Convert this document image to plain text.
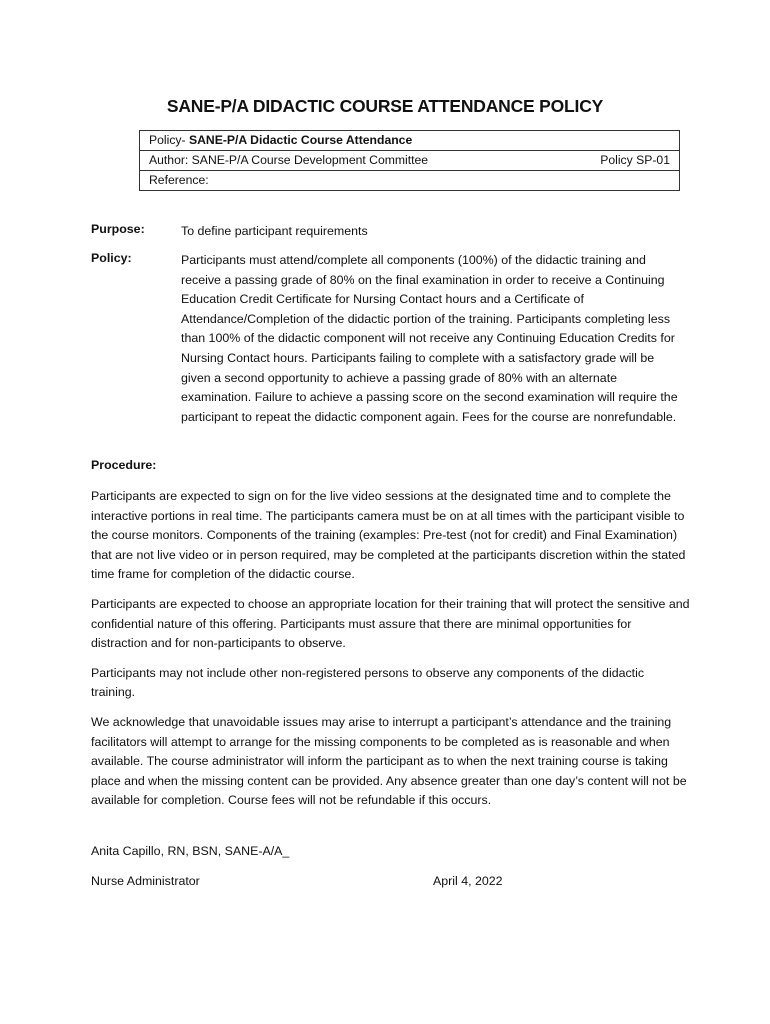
SANE-P/A DIDACTIC COURSE ATTENDANCE POLICY
Policy- SANE-P/A Didactic Course Attendance
Author: SANE-P/A Course Development Committee	Policy SP-01
Reference:
Purpose:	To define participant requirements
Policy:	Participants must attend/complete all components (100%) of the didactic training and receive a passing grade of 80% on the final examination in order to receive a Continuing Education Credit Certificate for Nursing Contact hours and a Certificate of Attendance/Completion of the didactic portion of the training. Participants completing less than 100% of the didactic component will not receive any Continuing Education Credits for Nursing Contact hours. Participants failing to complete with a satisfactory grade will be given a second opportunity to achieve a passing grade of 80% with an alternate examination. Failure to achieve a passing score on the second examination will require the participant to repeat the didactic component again. Fees for the course are nonrefundable.
Procedure:

Participants are expected to sign on for the live video sessions at the designated time and to complete the interactive portions in real time. The participants camera must be on at all times with the participant visible to the course monitors. Components of the training (examples: Pre-test (not for credit) and Final Examination) that are not live video or in person required, may be completed at the participants discretion within the stated time frame for completion of the didactic course.

Participants are expected to choose an appropriate location for their training that will protect the sensitive and confidential nature of this offering. Participants must assure that there are minimal opportunities for distraction and for non-participants to observe.

Participants may not include other non-registered persons to observe any components of the didactic training.

We acknowledge that unavoidable issues may arise to interrupt a participant’s attendance and the training facilitators will attempt to arrange for the missing components to be completed as is reasonable and when available. The course administrator will inform the participant as to when the next training course is taking place and when the missing content can be provided. Any absence greater than one day’s content will not be available for completion. Course fees will not be refundable if this occurs.

Anita Capillo, RN, BSN, SANE-A/A_
Nurse Administrator	April 4, 2022
